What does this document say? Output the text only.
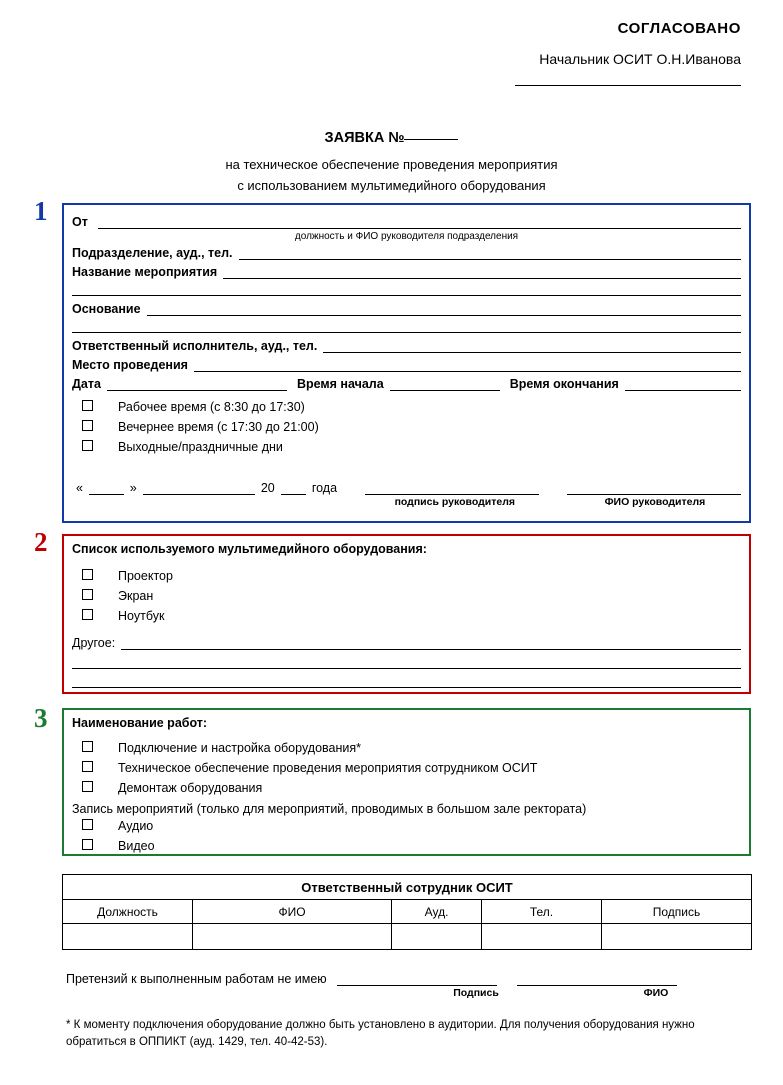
СОГЛАСОВАНО
Начальник ОСИТ О.Н.Иванова
ЗАЯВКА №
на техническое обеспечение проведения мероприятия
с использованием мультимедийного оборудования
1
2
3
От
должность и ФИО руководителя подразделения
Подразделение, ауд., тел.
Название мероприятия
Основание
Ответственный исполнитель, ауд., тел.
Место проведения
Дата	Время начала	Время окончания
Рабочее время (с 8:30 до 17:30)
Вечернее время (с 17:30 до 21:00)
Выходные/праздничные дни
«	»	20	года
подпись руководителя	ФИО руководителя
Список используемого мультимедийного оборудования:
Проектор
Экран
Ноутбук
Другое:
Наименование работ:
Подключение и настройка оборудования*
Техническое обеспечение проведения мероприятия сотрудником ОСИТ
Демонтаж оборудования
Запись мероприятий (только для мероприятий, проводимых в большом зале ректората)
Аудио
Видео
Ответственный сотрудник ОСИТ				
Должность	ФИО	Ауд.	Тел.	Подпись

Претензий к выполненным работам не имею
Подпись	ФИО
* К моменту подключения оборудование должно быть установлено в аудитории. Для получения оборудования нужно обратиться в ОППИКТ (ауд. 1429, тел. 40-42-53).
